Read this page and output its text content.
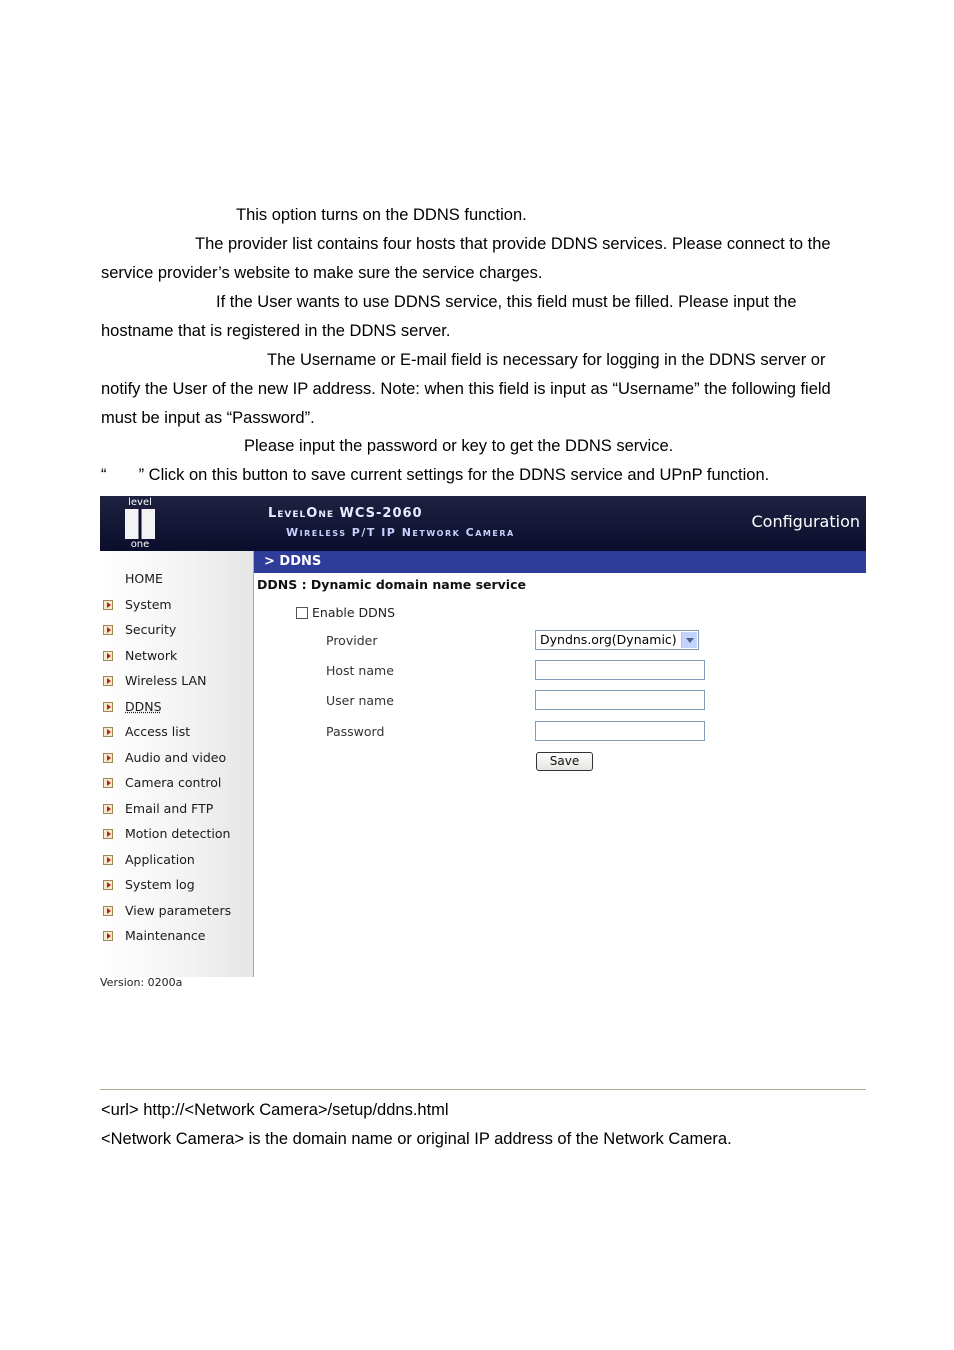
This option turns on the DDNS function.

The provider list contains four hosts that provide DDNS services. Please connect to the service provider’s website to make sure the service charges.

If the User wants to use DDNS service, this field must be filled. Please input the hostname that is registered in the DDNS server.

The Username or E-mail field is necessary for logging in the DDNS server or notify the User of the new IP address. Note: when this field is input as “Username” the following field must be input as “Password”.

Please input the password or key to get the DDNS service.

“       ” Click on this button to save current settings for the DDNS service and UPnP function.

level
one
LevelOne WCS-2060
Wireless P/T IP Network Camera
Configuration
HOME
System
Security
Network
Wireless LAN
DDNS
Access list
Audio and video
Camera control
Email and FTP
Motion detection
Application
System log
View parameters
Maintenance
Version: 0200a
> DDNS
DDNS : Dynamic domain name service
Enable DDNS
Provider	Dyndns.org(Dynamic)
Host name
User name
Password
Save

<url> http://<Network Camera>/setup/ddns.html

<Network Camera> is the domain name or original IP address of the Network Camera.
